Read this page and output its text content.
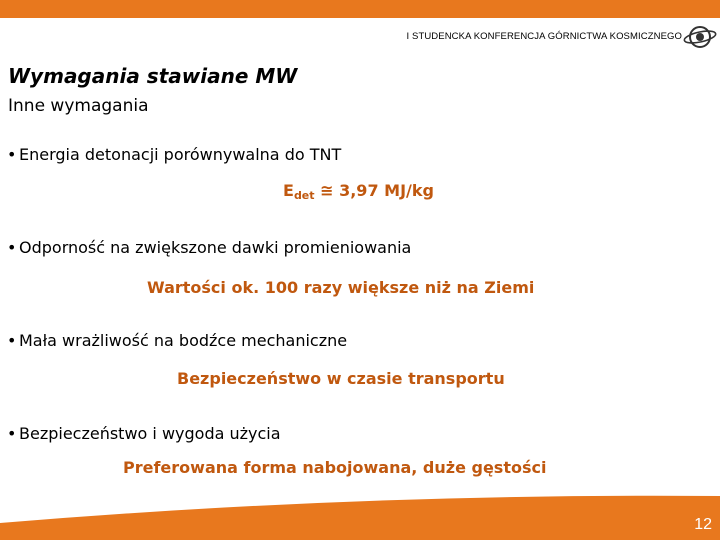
I STUDENCKA KONFERENCJA GÓRNICTWA KOSMICZNEGO
Wymagania stawiane MW
Inne wymagania
• Energia detonacji porównywalna do TNT
$E_{det}$ ≅ 3,97 MJ/kg
• Odporność na zwiększone dawki promieniowania
Wartości ok. 100 razy większe niż na Ziemi
• Mała wrażliwość na bodźce mechaniczne
Bezpieczeństwo w czasie transportu
• Bezpieczeństwo i wygoda użycia
Preferowana forma nabojowana, duże gęstości
12
